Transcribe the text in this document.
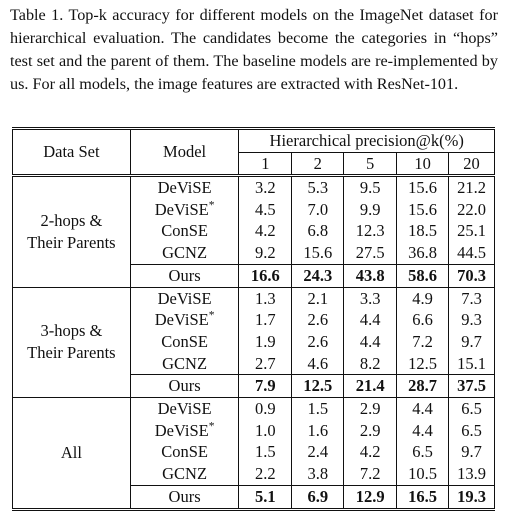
Table 1. Top-k accuracy for different models on the ImageNet dataset for hierarchical evaluation. The candidates become the categories in “hops” test set and the parent of them. The baseline models are re-implemented by us. For all models, the image features are extracted with ResNet-101.
Data Set	Model	Hierarchical precision@k(%)				
		1	2	5	10	20

2-hops &
Their Parents	DeViSE	3.2	5.3	9.5	15.6	21.2
	DeViSE*	4.5	7.0	9.9	15.6	22.0
	ConSE	4.2	6.8	12.3	18.5	25.1
	GCNZ	9.2	15.6	27.5	36.8	44.5
	Ours	16.6	24.3	43.8	58.6	70.3

3-hops &
Their Parents	DeViSE	1.3	2.1	3.3	4.9	7.3
	DeViSE*	1.7	2.6	4.4	6.6	9.3
	ConSE	1.9	2.6	4.4	7.2	9.7
	GCNZ	2.7	4.6	8.2	12.5	15.1
	Ours	7.9	12.5	21.4	28.7	37.5

All	DeViSE	0.9	1.5	2.9	4.4	6.5
	DeViSE*	1.0	1.6	2.9	4.4	6.5
	ConSE	1.5	2.4	4.2	6.5	9.7
	GCNZ	2.2	3.8	7.2	10.5	13.9
	Ours	5.1	6.9	12.9	16.5	19.3
